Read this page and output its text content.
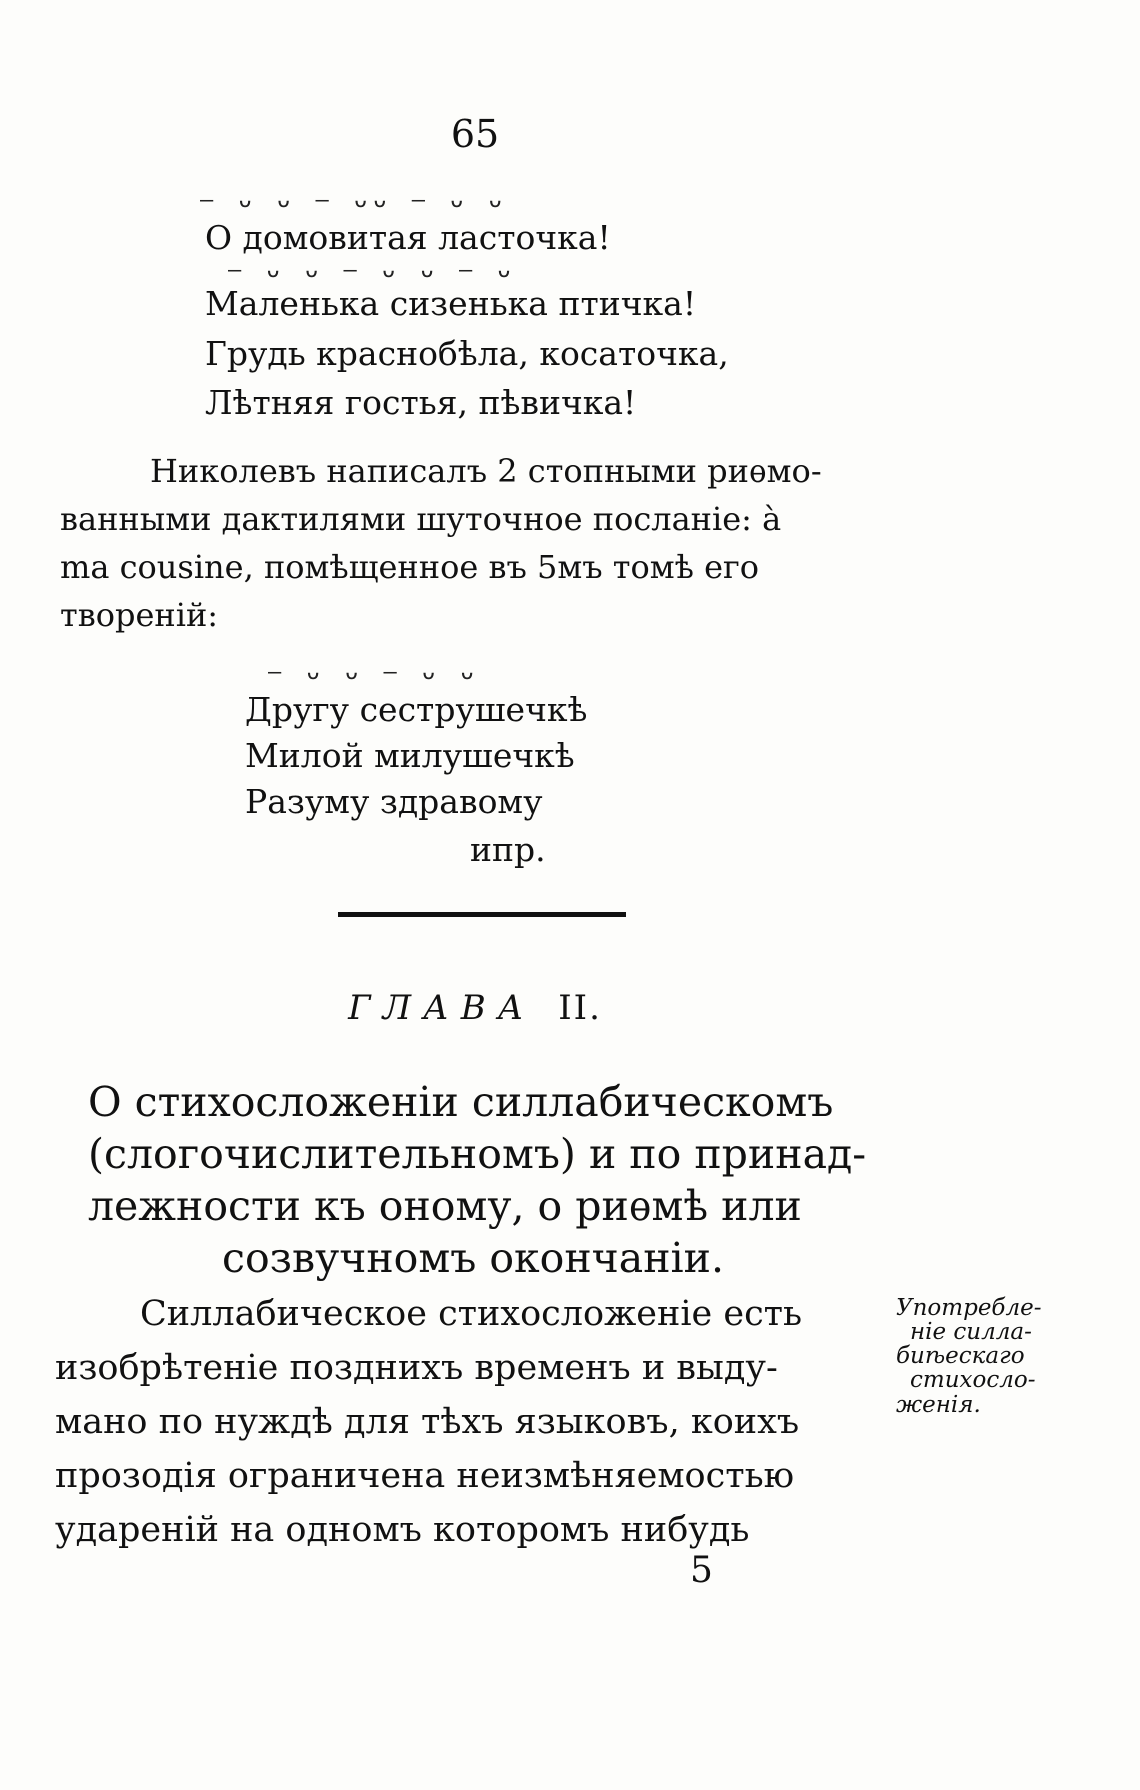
65
— ᴗ ᴗ — ᴗᴗ — ᴗ ᴗ
О домовитая ласточка!
— ᴗ ᴗ — ᴗ ᴗ — ᴗ
Маленька сизенька птичка!
Грудь краснобѣла, косаточка,
Лѣтняя гостья, пѣвичка!
Николевъ написалъ 2 стопными риѳмо-
ванными дактилями шуточное посланіе: à
ma cousine, помѣщенное въ 5мъ томѣ его
твореній:
— ᴗ ᴗ — ᴗ ᴗ
Другу сеструшечкѣ
Милой милушечкѣ
Разуму здравому
ипр.
ГЛАВА II.
О стихосложеніи силлабическомъ
(слогочислительномъ) и по принад-
лежности къ оному, о риѳмѣ или
созвучномъ окончаніи.
Силлабическое стихосложеніе есть
изобрѣтеніе позднихъ временъ и выду-
мано по нуждѣ для тѣхъ языковъ, коихъ
прозодія ограничена неизмѣняемостью
удареній на одномъ которомъ нибудь
Употребле-
ніе силла-
биѣескаго
стихосло-
женія.
5
